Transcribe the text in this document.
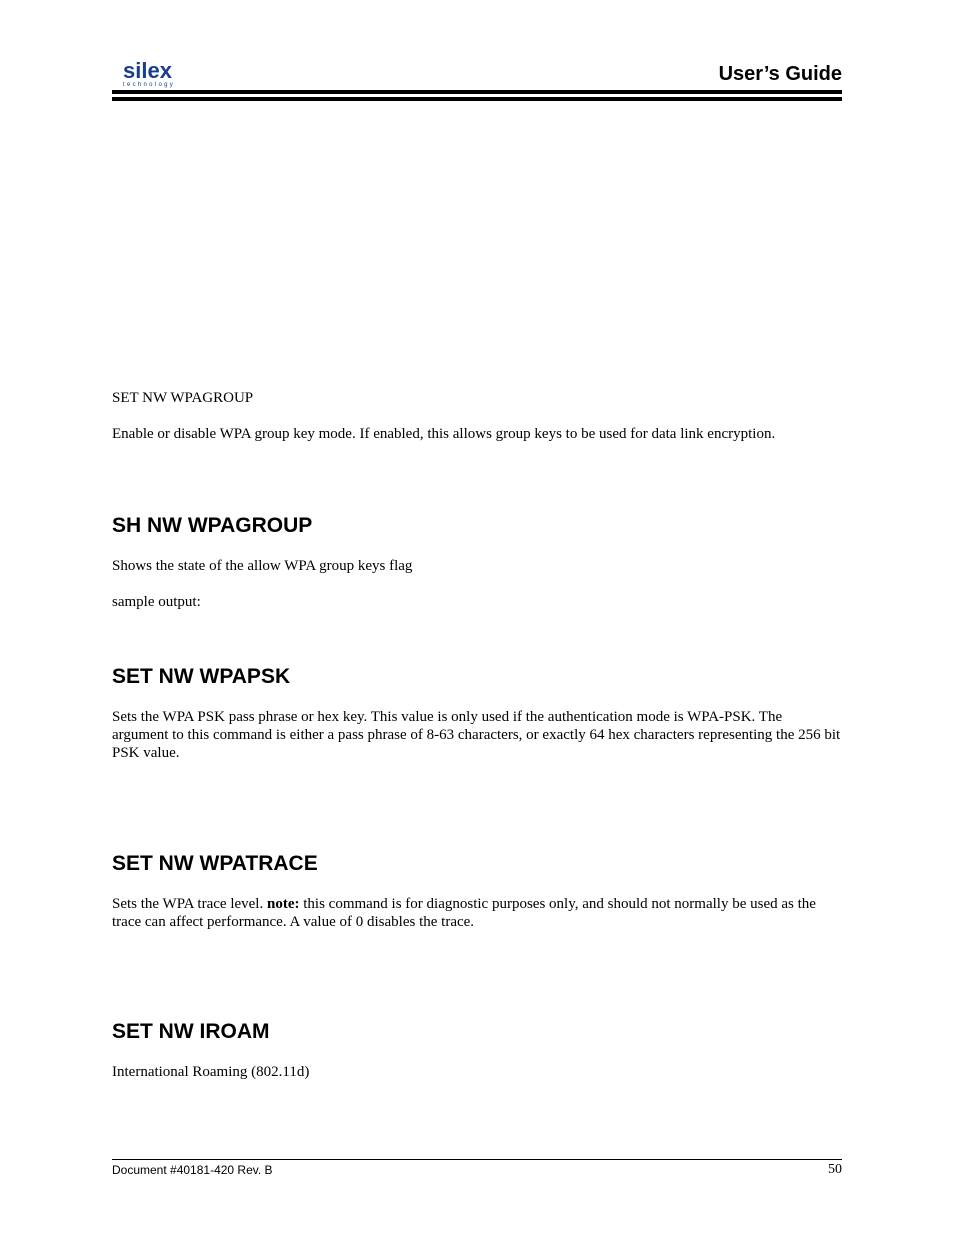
silex
technology	User’s Guide
SET NW WPAGROUP
Enable or disable WPA group key mode. If enabled, this allows group keys to be used for data link encryption.
SH NW WPAGROUP
Shows the state of the allow WPA group keys flag
sample output:
SET NW WPAPSK
Sets the WPA PSK pass phrase or hex key. This value is only used if the authentication mode is WPA-PSK. The argument to this command is either a pass phrase of 8-63 characters, or exactly 64 hex characters representing the 256 bit PSK value.
SET NW WPATRACE
Sets the WPA trace level. note: this command is for diagnostic purposes only, and should not normally be used as the trace can affect performance. A value of 0 disables the trace.
SET NW IROAM
International Roaming (802.11d)
Document #40181-420 Rev. B	50
